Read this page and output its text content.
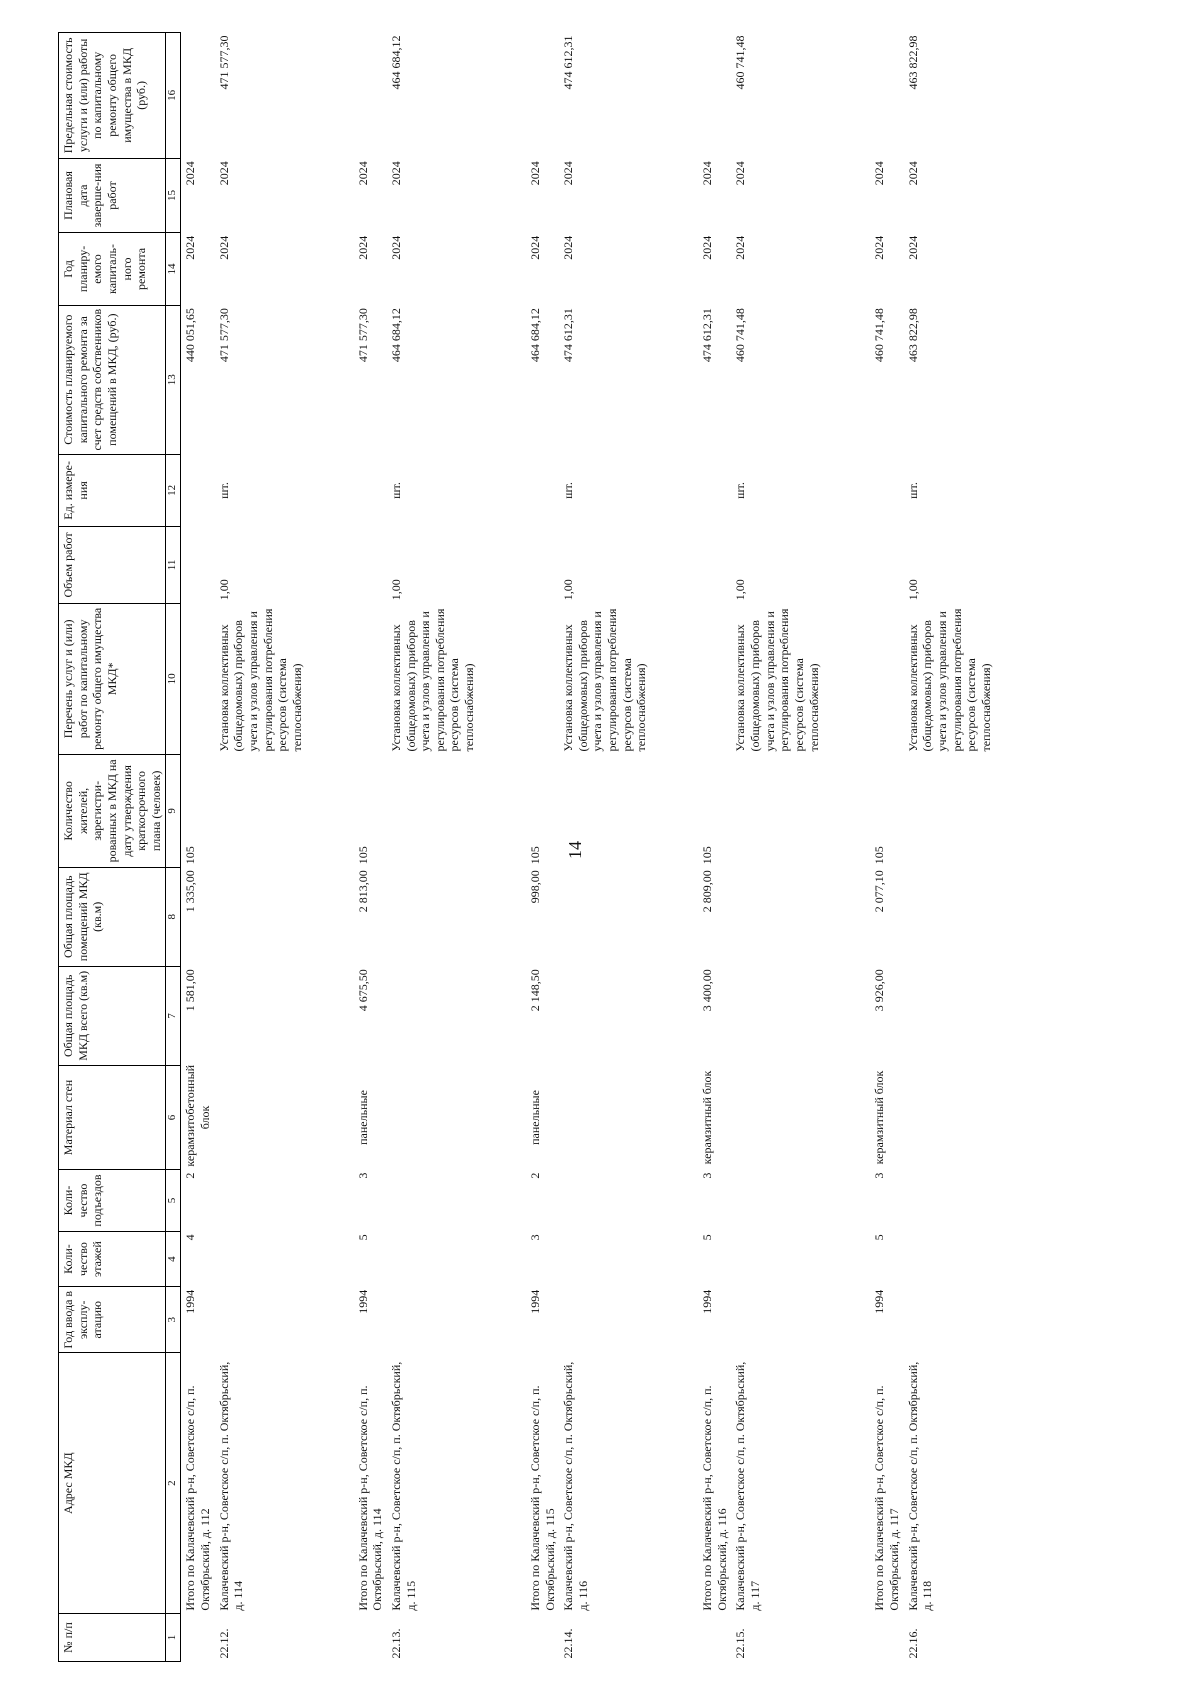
14
№ п/п	Адрес МКД	Год ввода в эксплу-атацию	Коли-чество этажей	Коли-чество подъездов	Материал стен	Общая площадь МКД всего (кв.м)	Общая площадь помещений МКД (кв.м)	Количество жителей, зарегистри-рованных в МКД на дату утверждения краткосрочного плана (человек)	Перечень услуг и (или) работ по капитальному ремонту общего имущества МКД*	Объем работ	Ед. измере-ния	Стоимость планируемого капитального ремонта за счет средств собственников помещений в МКД, (руб.)	Год планиру-емого капиталь-ного ремонта	Плановая дата заверше-ния работ	Предельная стоимость услуги и (или) работы по капитальному ремонту общего имущества в МКД (руб.)
1	2	3	4	5	6	7	8	9	10	11	12	13	14	15	16
	Итого по Калачевский р-н, Советское с/п, п. Октябрьский, д. 112	1994	4	2	керамзитобетонный блок	1 581,00	1 335,00	105				440 051,65	2024	2024	
22.12.	Калачевский р-н, Советское с/п, п. Октябрьский, д. 114								Установка коллективных (общедомовых) приборов учета и узлов управления и регулирования потребления ресурсов (система теплоснабжения)	1,00	шт.	471 577,30	2024	2024	471 577,30
	Итого по Калачевский р-н, Советское с/п, п. Октябрьский, д. 114	1994	5	3	панельные	4 675,50	2 813,00	105				471 577,30	2024	2024	
22.13.	Калачевский р-н, Советское с/п, п. Октябрьский, д. 115								Установка коллективных (общедомовых) приборов учета и узлов управления и регулирования потребления ресурсов (система теплоснабжения)	1,00	шт.	464 684,12	2024	2024	464 684,12
	Итого по Калачевский р-н, Советское с/п, п. Октябрьский, д. 115	1994	3	2	панельные	2 148,50	998,00	105				464 684,12	2024	2024	
22.14.	Калачевский р-н, Советское с/п, п. Октябрьский, д. 116								Установка коллективных (общедомовых) приборов учета и узлов управления и регулирования потребления ресурсов (система теплоснабжения)	1,00	шт.	474 612,31	2024	2024	474 612,31
	Итого по Калачевский р-н, Советское с/п, п. Октябрьский, д. 116	1994	5	3	керамзитный блок	3 400,00	2 809,00	105				474 612,31	2024	2024	
22.15.	Калачевский р-н, Советское с/п, п. Октябрьский, д. 117								Установка коллективных (общедомовых) приборов учета и узлов управления и регулирования потребления ресурсов (система теплоснабжения)	1,00	шт.	460 741,48	2024	2024	460 741,48
	Итого по Калачевский р-н, Советское с/п, п. Октябрьский, д. 117	1994	5	3	керамзитный блок	3 926,00	2 077,10	105				460 741,48	2024	2024	
22.16.	Калачевский р-н, Советское с/п, п. Октябрьский, д. 118								Установка коллективных (общедомовых) приборов учета и узлов управления и регулирования потребления ресурсов (система теплоснабжения)	1,00	шт.	463 822,98	2024	2024	463 822,98
